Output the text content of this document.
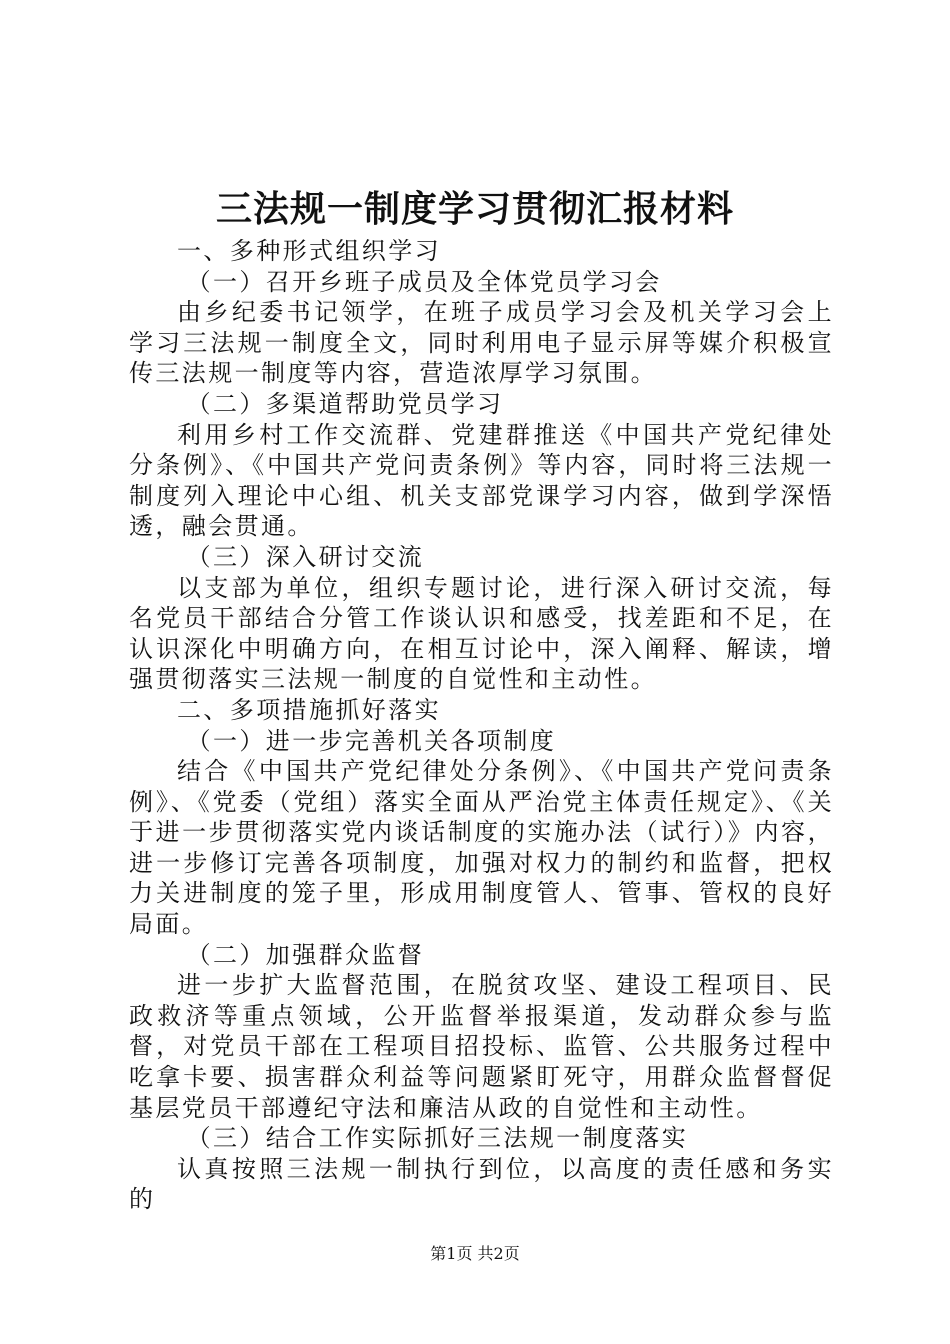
三法规一制度学习贯彻汇报材料

一、多种形式组织学习

（一）召开乡班子成员及全体党员学习会

由乡纪委书记领学，在班子成员学习会及机关学习会上学习三法规一制度全文，同时利用电子显示屏等媒介积极宣传三法规一制度等内容，营造浓厚学习氛围。

（二）多渠道帮助党员学习

利用乡村工作交流群、党建群推送《中国共产党纪律处分条例》、《中国共产党问责条例》等内容，同时将三法规一制度列入理论中心组、机关支部党课学习内容，做到学深悟透，融会贯通。

（三）深入研讨交流

以支部为单位，组织专题讨论，进行深入研讨交流，每名党员干部结合分管工作谈认识和感受，找差距和不足，在认识深化中明确方向，在相互讨论中，深入阐释、解读，增强贯彻落实三法规一制度的自觉性和主动性。

二、多项措施抓好落实

（一）进一步完善机关各项制度

结合《中国共产党纪律处分条例》、《中国共产党问责条例》、《党委（党组）落实全面从严治党主体责任规定》、《关于进一步贯彻落实党内谈话制度的实施办法（试行）》内容，进一步修订完善各项制度，加强对权力的制约和监督，把权力关进制度的笼子里，形成用制度管人、管事、管权的良好局面。

（二）加强群众监督

进一步扩大监督范围，在脱贫攻坚、建设工程项目、民政救济等重点领域，公开监督举报渠道，发动群众参与监督，对党员干部在工程项目招投标、监管、公共服务过程中吃拿卡要、损害群众利益等问题紧盯死守，用群众监督督促基层党员干部遵纪守法和廉洁从政的自觉性和主动性。

（三）结合工作实际抓好三法规一制度落实

认真按照三法规一制执行到位，以高度的责任感和务实的

第1页 共2页
